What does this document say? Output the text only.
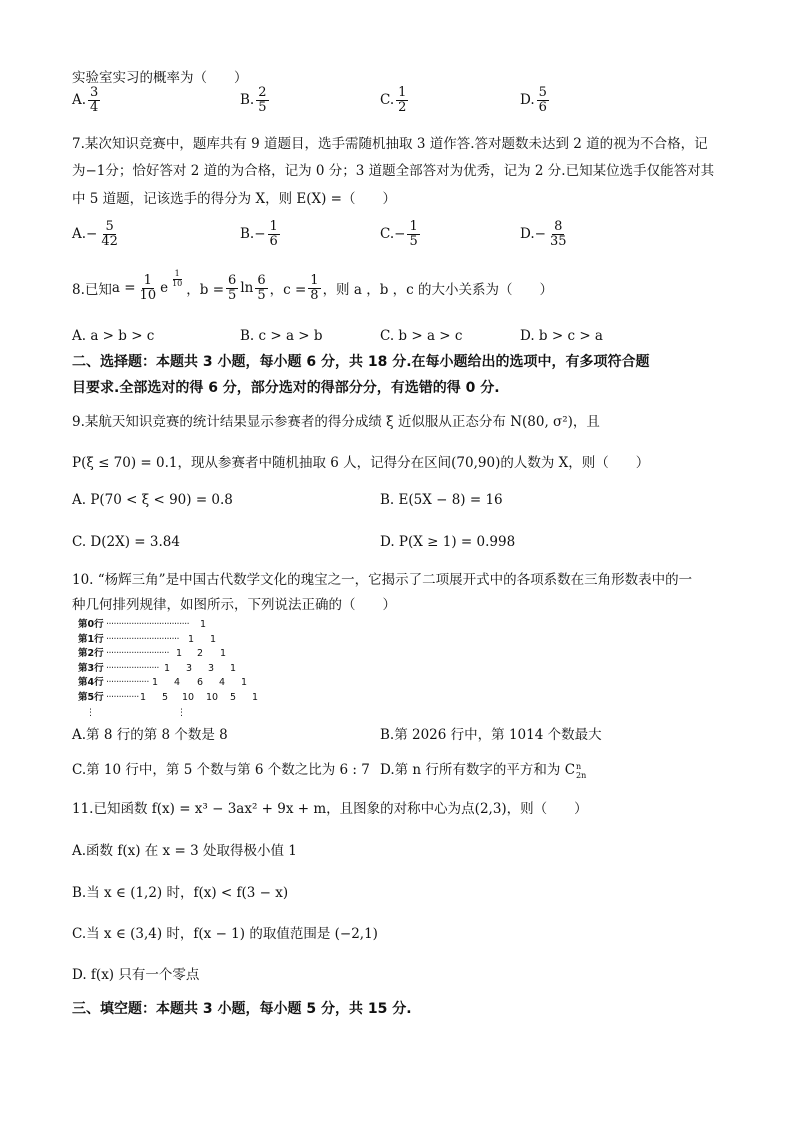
实验室实习的概率为（　　）
A. $\frac{3}{4}$	B. $\frac{2}{5}$	C. $\frac{1}{2}$	D. $\frac{5}{6}$
7.某次知识竞赛中，题库共有 9 道题目，选手需随机抽取 3 道作答.答对题数未达到 2 道的视为不合格，记
为−1分；恰好答对 2 道的为合格，记为 0 分；3 道题全部答对为优秀，记为 2 分.已知某位选手仅能答对其
中 5 道题，记该选手的得分为 X，则 E(X) =（　　）
A. − $\frac{5}{42}$	B. − $\frac{1}{6}$	C. − $\frac{1}{5}$	D. − $\frac{8}{35}$
8.已知 $a = \frac{1}{10}$ e
$\frac{1}{10}$
，$b = \frac{6}{5}$ $\ln \frac{6}{5}$ ，$c = \frac{1}{8}$ ，则 a ，b ，c 的大小关系为（　　）
A. a > b > c	B. c > a > b	C. b > a > c	D. b > c > a
二、选择题：本题共 3 小题，每小题 6 分，共 18 分.在每小题给出的选项中，有多项符合题
目要求.全部选对的得 6 分，部分选对的得部分分，有选错的得 0 分.
9.某航天知识竞赛的统计结果显示参赛者的得分成绩 ξ 近似服从正态分布 N(80, σ²)，且
P(ξ ≤ 70) = 0.1，现从参赛者中随机抽取 6 人，记得分在区间(70,90)的人数为 X，则（　　）
A. P(70 < ξ < 90) = 0.8	B. E(5X − 8) = 16
C. D(2X) = 3.84	D. P(X ≥ 1) = 0.998
10. “杨辉三角”是中国古代数学文化的瑰宝之一，它揭示了二项展开式中的各项系数在三角形数表中的一
种几何排列规律，如图所示，下列说法正确的（　　）
第0行 ································· 1
第1行 ····························· 1 1
第2行 ························· 1 2 1
第3行 ····················· 1 3 3 1
第4行 ················· 1 4 6 4 1
第5行 ············· 1 5 10 10 5 1
⋮	⋮
A.第 8 行的第 8 个数是 8	B.第 2026 行中，第 1014 个数最大
C.第 10 行中，第 5 个数与第 6 个数之比为 6 : 7 D.第 n 行所有数字的平方和为 C n
2n
11.已知函数 f(x) = x³ − 3ax² + 9x + m，且图象的对称中心为点(2,3)，则（　　）
A.函数 f(x) 在 x = 3 处取得极小值 1
B.当 x ∈ (1,2) 时，f(x) < f(3 − x)
C.当 x ∈ (3,4) 时，f(x − 1) 的取值范围是 (−2,1)
D. f(x) 只有一个零点
三、填空题：本题共 3 小题，每小题 5 分，共 15 分.
